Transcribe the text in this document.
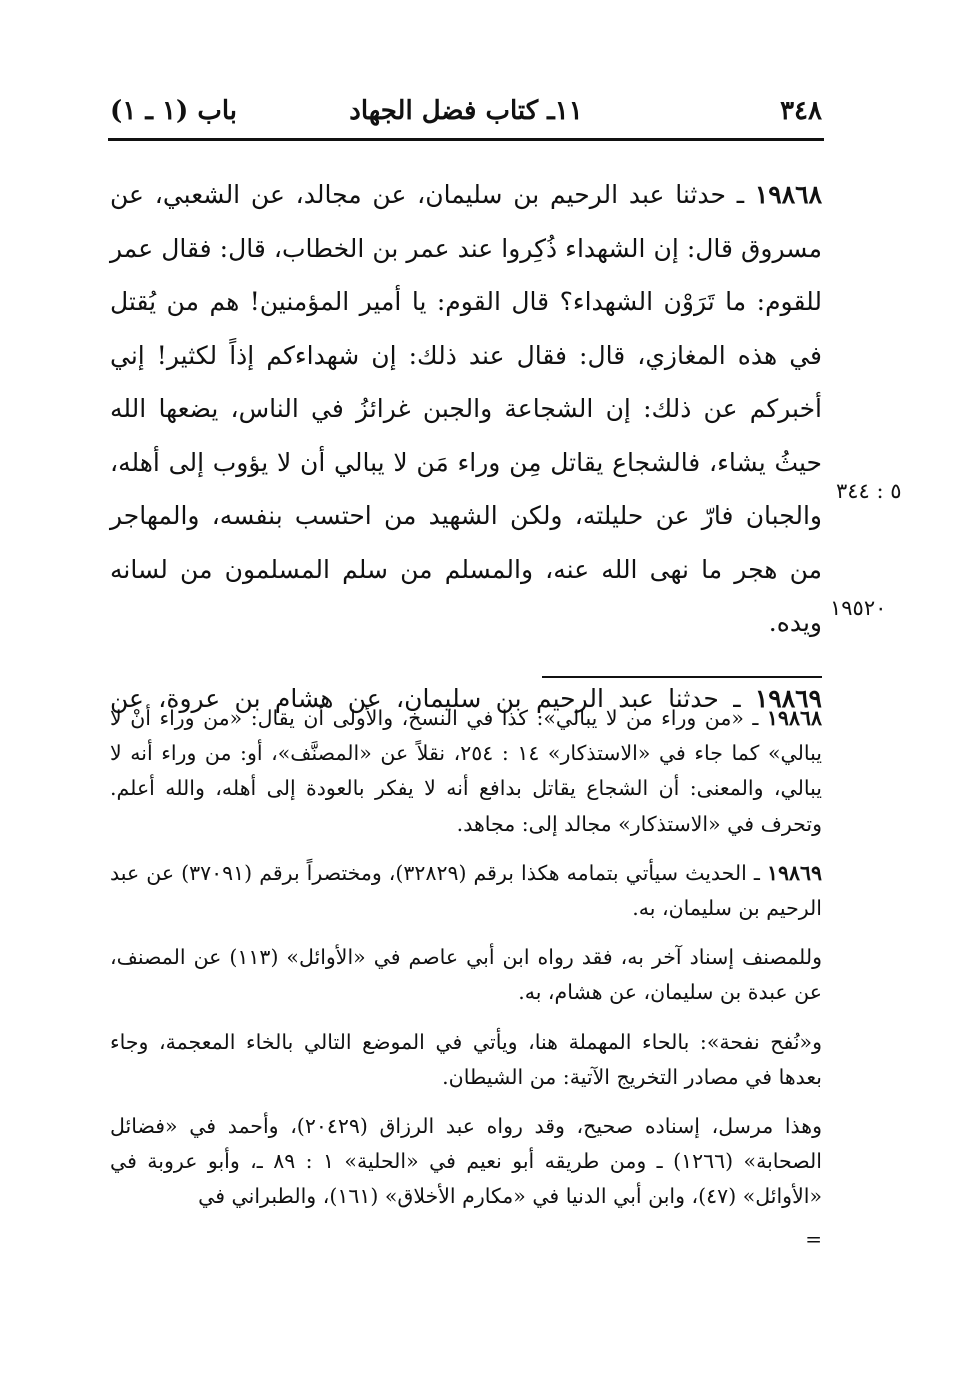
٣٤٨
١١ـ كتاب فضل الجهاد
باب (١ ـ ١)

١٩٨٦٨ ـ حدثنا عبد الرحيم بن سليمان، عن مجالد، عن الشعبي، عن مسروق قال: إن الشهداء ذُكِروا عند عمر بن الخطاب، قال: فقال عمر للقوم: ما تَرَوْن الشهداء؟ قال القوم: يا أمير المؤمنين! هم من يُقتل في هذه المغازي، قال: فقال عند ذلك: إن شهداءكم إذاً لكثير! إني أخبركم عن ذلك: إن الشجاعة والجبن غرائزُ في الناس، يضعها الله حيثُ يشاء، فالشجاع يقاتل مِن وراء مَن لا يبالي أن لا يؤوب إلى أهله، والجبان فارّ عن حليلته، ولكن الشهيد من احتسب بنفسه، والمهاجر من هجر ما نهى الله عنه، والمسلم من سلم المسلمون من لسانه ويده.

١٩٨٦٩ ـ حدثنا عبد الرحيم بن سليمان، عن هشام بن عروة، عن

٥ : ٣٤٤
١٩٥٢٠

١٩٨٦٨ ـ «من وراء من لا يبالي»: كذا في النسخ، والأولى أن يقال: «من وراء أنْ لا يبالي» كما جاء في «الاستذكار» ١٤ : ٢٥٤، نقلاً عن «المصنَّف»، أو: من وراء أنه لا يبالي، والمعنى: أن الشجاع يقاتل بدافع أنه لا يفكر بالعودة إلى أهله، والله أعلم. وتحرف في «الاستذكار» مجالد إلى: مجاهد.

١٩٨٦٩ ـ الحديث سيأتي بتمامه هكذا برقم (٣٢٨٢٩)، ومختصراً برقم (٣٧٠٩١) عن عبد الرحيم بن سليمان، به.

وللمصنف إسناد آخر به، فقد رواه ابن أبي عاصم في «الأوائل» (١١٣) عن المصنف، عن عبدة بن سليمان، عن هشام، به.

و«نُفح نفحة»: بالحاء المهملة هنا، ويأتي في الموضع التالي بالخاء المعجمة، وجاء بعدها في مصادر التخريج الآتية: من الشيطان.

وهذا مرسل، إسناده صحيح، وقد رواه عبد الرزاق (٢٠٤٢٩)، وأحمد في «فضائل الصحابة» (١٢٦٦) ـ ومن طريقه أبو نعيم في «الحلية» ١ : ٨٩ ـ، وأبو عروبة في «الأوائل» (٤٧)، وابن أبي الدنيا في «مكارم الأخلاق» (١٦١)، والطبراني في

=
